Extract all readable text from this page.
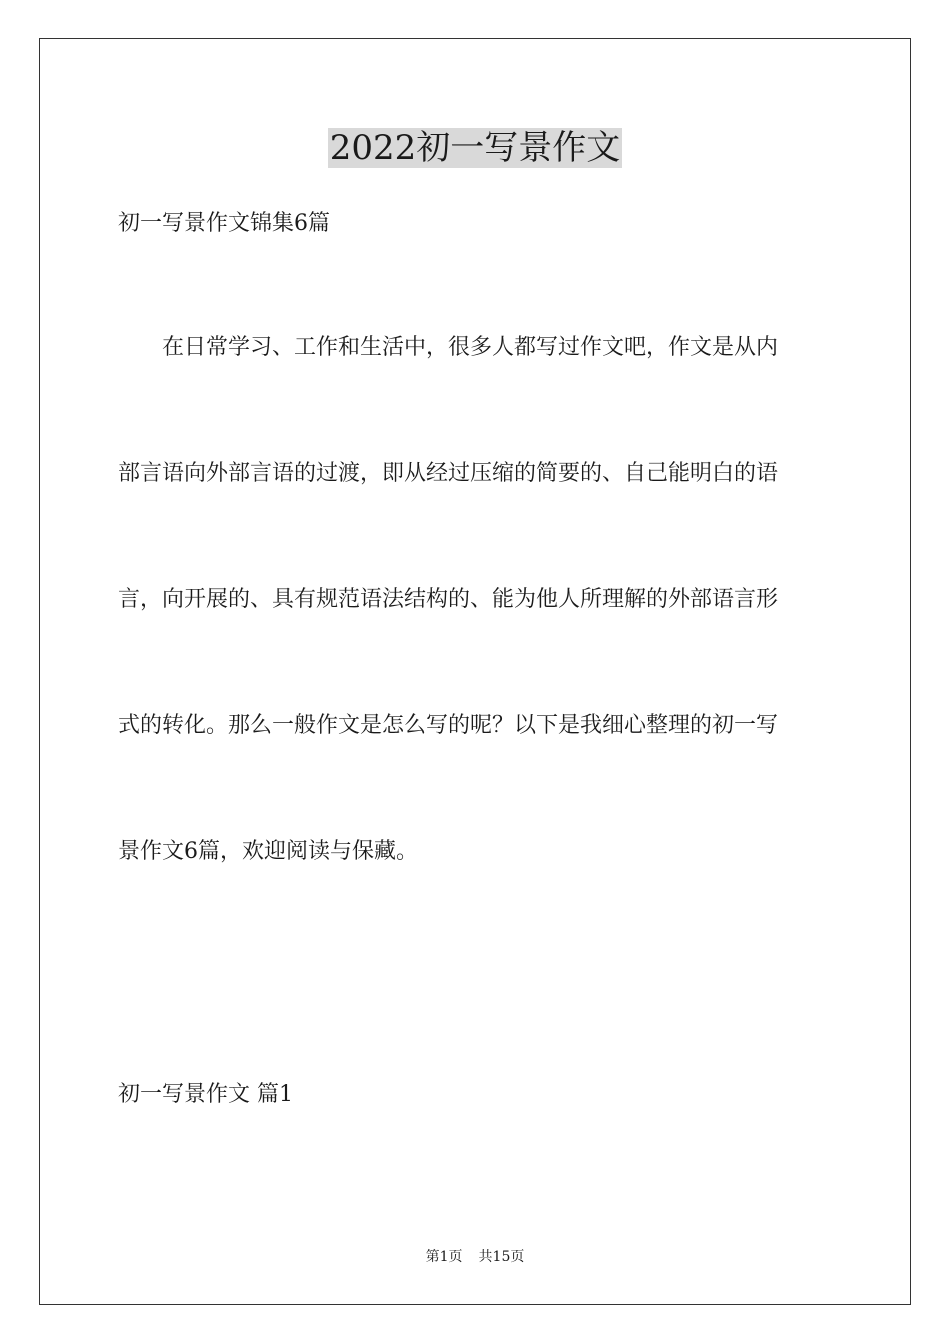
2022初一写景作文
初一写景作文锦集6篇
　　在日常学习、工作和生活中，很多人都写过作文吧，作文是从内
部言语向外部言语的过渡，即从经过压缩的简要的、自己能明白的语
言，向开展的、具有规范语法结构的、能为他人所理解的外部语言形
式的转化。那么一般作文是怎么写的呢？以下是我细心整理的初一写
景作文6篇，欢迎阅读与保藏。
初一写景作文 篇1
第1页 共15页
